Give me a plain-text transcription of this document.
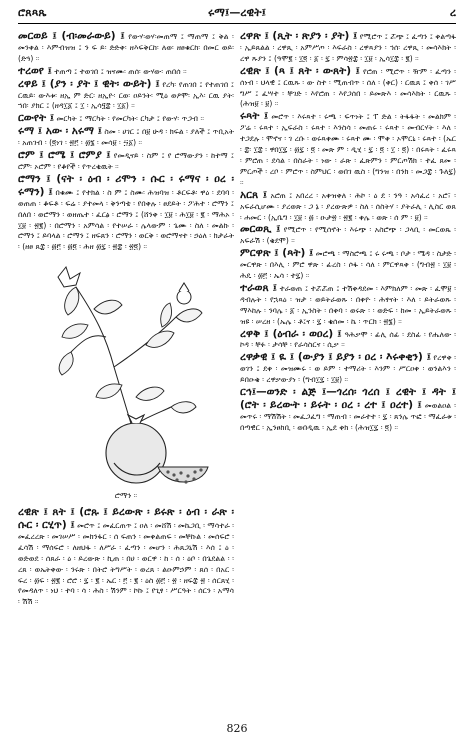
ሮጸጻጼ	ሩማ፤—ረዊት፤	ረ

መርወይ ፤ (ብ፡መራውይ) ፤ የውሃ፡ወሃ፡መጠማ ፤ ማጠማ ፤ ቅል ፡ መንቀል ፡ እምብዝዝ ፤ ን ፍ ይ፡ ድድቀ፡ ዘእፍቅርከ፡ ለወ፡ ዘፀቁርከ፡ በመር ወይ፡ (ድጓ) ።

ተረወየ ፤ ተጠጣ ፤ ተወገበ ፤ ዝናሙ፡ ጠሰ፡ ውሃው፡ ጠበሰ ።

ረዋይ ፤ (ያን ፡ ያት ፤ ዊት፡ ውይት) ፤ የረካ፡ የጠገበ ፤ የተጠገበ ፤ ርዉይ፡ ውእቱ፡ ዘኢ ም ድር፡ ዘኢዮ፡ ርወ፡ ዐይንት፡ ሚዕ ወዖሞ፡ ኢእ፡ ርዉ ያት፡ ኀበ፡ ያክር ፤ (ዘዳ፲፩ ፤ ፲ ፡ ኢሳ፶፰ ፡ ፲፩) ።

ርውየት ፤ መርካት ፤ ማርካት ፡ የመርካት፡ ርካታ ፤ የውሃ፡ ጥጋብ ።

ሩማ ፤ አው ፡ አሩማ ፤ ስመ ፡ ሀገር ፤ በ፱ ሁዳ ፡ ክፍል ፡ ያለች ፤ ጥቢአት ፡ አጠገብ ፡ (፬ነገ ፡ ፳፫ ፡ ፴፮ ፡ መሳ፱ ፡ ፵፩) ።

ሮም ፤ ሮሜ ፤ ሮምያ ፤ የመዲናይ ፡ ስም ፤ የ ሮማውያን ፡ ከተማ ፤ ሮም፡ ኦሮም ፡ የቆየች ፡ የጥረቂዉት ።

ሮማን ፤ (ናት ፡ ዕብ ፡ ሪሞን ፡ ሱር ፡ ሩማና ፡ ዐረ ፡ ሩማን) ፤ በቁሙ ፤ የተክል ፡ ስ ም ፤ ስሙ፡ ሕዝባዝ ፡ ቶርፍቶ፡ ዋዕ ፡ ደባባ ፡ ወጠጠ ፡ ቆፍቶ ፡ ፍሬ ፡ ያተመላ ፡ ቅንጣቴ ፡ የበቀሉ ፡ ፀደይት ፡ ፖሕተ ፡ ሮማን ፤ በለበ ፡ ወሮማን ፡ ወዘጤተ ፡ ፈርፅ ፡ ሮማን ፤ (ሸንቀ ፡ ፲፱ ፡ ሕ፲፱ ፡ ፪ ፡ ማሕኦ ፡ ፲፱ ፡ ፳፪) ፡ በሮማን ፡ አምሳል ፡ የተሠራ ፡ ሌላውም ፡ ጌሙ ፡ ስለ ፡ መልኩ ፡ ሮማን ፤ ይባላል ፡ ሮማን ፤ ዘፍጸን ፡ ሮማን ፡ ወርቅ ፡ ወሮማናተ ፡ ኃዕለ ፡ ክታራት ፡ (ዘፀ ጸ፰ ፡ ፴፫ ፡ ፴፬ ፡ ሕዘ ፴፯ ፡ ፳፰ ፡ ፳፬) ።

ሮማን ።

ረዊጽ ፤ ጸት ፤ (ሮጹ ፤ ይረውጽ ፡ ይሩጽ ፡ ዕብ ፡ ራጽ ፡ ሱር ፡ ርሂጥ) ፤ መሮጥ ፤ መፈርጠጥ ፤ ዐለ ፡ መሸሽ ፡ መኬጋቢ ፡ ማሳተራ ፡ መፈረረጽ ፡ መገሠሥ ፡ መከንፋር ፡ ሰ ፍጠን ፡ መቀልጠፍ ፡ መቸኩል ፡ መሰፍሮ ፡ ፈሳሽ ፡ ማሰፍሮ ፡ ለዘህፋ ፡ ለሥራ ፡ ፈጣን ፡ መሆን ፡ ሕጸጋኒሽ ፡ እሰ ፤ ዕ ፡ ወድወደ ፡ ሰጸራ ፡ ዕ ፡ ይረውጽ ፡ ኪጠ ፡ በሀ ፡ ወርዋ ፡ ከ ፡ ሰ ፡ ዕቦ ፡ በጌደልል ፡ ፡ ረጸ ፡ ወኤትቀው ፡ ንሩጽ ፡ በትሮ ትግሥት ፡ ወረጸ ፡ ልዑምኃም ፡ ጸሰ ፡ በአር ፡ ፍረ ፡ ፴ፍ ፡ ፳፪ ፡ ሮሮ ፡ ፯ ፡ ፪ ፡ ኤር ፡ ፫ ፡ ፪ ፡ ዕስ ፴፫ ፡ ፳ ፡ ዘፍ፰ ፳ ፡ ሰርጸሂ ፡ የመዳለጥ ፡ ነህ ፡ ተባ ፡ ሳ ፡ ሕስ ፡ ሽንም ፡ ኮኩ ፤ የጊፃ ፡ ሥርዓት ፡ ሰርን ፡ አማሳ ፡ ሽሽ ።

ረዋጽ ፤ (ጺት ፡ ጽያን ፡ ያት) ፤ የሚሮጥ ፤ ሯጭ ፤ ፈጣን ፤ ቀልጣፋ ፡ ኢይጸልል ፡ ረዋጺ ፡ አምሥጦ ፡ እፍራስ ፡ ረዋጻያን ፡ ኅሰ፡ ረዋጺ ፡ መሳእክት ፡ ረዋ ጹያን ፤ (ዓሞ፪ ፡ ፲፬ ፡ ፩ ፡ ፯ ፡ ምሳ፳፰ ፡ ፲፱ ፡ ኢሳ፲፰ ፡ ፪) ።

ረዊጽ ፤ (ጻ ፤ ጸት ፡ ውጸት) ፤ የሮጠ ፡ ሚሮጥ ፡ ዥም ፡ ፈጣን ፡ ሰነብ ፡ ህላዊ ፤ ርዉጹ ፡ ው ስተ ፡ ሚጠብጥ ፡ ሰለ ፡ (ቀር) ፡ ርዉጸ ፤ ቀሰ ፡ ገሥ ግሥ ፤ ፈሣተ ፡ ቸገድ ፡ እየሮጠ ፡ እየጋሰበ ፡ ይመጽእ ፡ መሳእክት ፡ ርዉጹ ፡ (ሕዝ፱ ፡ ፱) ።

ሩጻት ፤ መሮጥ ፡ እሩጻተ ፡ ሩጫ ፡ ፍጥነት ፤ ፐ ድል ፡ ትፋፋት ፡ መልክም ፡ ፖሬ ፡ ሩጻተ ፡ ኢፍራስ ፡ ሩጻተ ፡ እንስሳ ፡ መጠሩ ፡ ሩጻተ ፡ መብርሃት ፡ እለ ፡ ተጋደሉ ፡ ሞኖና ፡ ገ ረቡ ፡ ወሩጻቀሙ ፡ ሩጻተ ሙ ፡ ሞቀ ፡ ኦሞርኒ ፡ ሩጻተ ፡ (ኤር ፡ ፰፡ ፲፰ ፡ ዋበ፲፯ ፡ ፴፯ ፡ ፬ ፡ መጽ ም ፡ ዲሂ ፡ ፯ ፡ ፬ ፡ ፲ ፡ ፬) ፡ በሩጻት ፡ ፈሩጻ ፡ ምሮጠ ፡ ደሳል ፡ በስራት ፡ ነው ፡ ራጽ ፡ ፈጽምን ፡ ምርጦሽክ ፡ ተፈ ጸመ ፡ ምርጦች ፡ ረቦ ፡ ምሮጥ ፡ ስምህር ፡ ወበገ ዉስ ፡ (ግንዝ ፡ በንክ ፡ መጋ፰ ፡ ጉለ፯) ።

አርጸ ፤ አሮጠ ፤ አበረረ ፡ አቀዝቀለ ፡ ሕኮ ፡ ዕ ደ ፡ ንዓ ፡ አሳፈረ ፡ አሮ፣ ፡ አፍራሲሆሙ ፡ ያረወጽ ፡ ጋ ኔ ፡ ያረውጽዎ ፡ ስለ ፡ ሰስትሃ ፡ ያትራሊ ፡ ሊስር ወጸ ፡ ሐመር ፡ (ኢቤግ ፡ ፲፱ ፡ ፴ ፡ ዑታ፳ ፡ ፳፪ ፡ ቀሌ ፡ ወጽ ፡ ሰ ም ፡ ፱) ።

መርወጺ ፤ የሚሮጥ ፡ የሚሰኖት ፡ እሩጭ ፡ አስሮጭ ፡ ጋላቢ ፡ መርወጼ ፡ አፍራሽ ፡ (ቄደሞ) ።

ምርዋጽ ፤ (ጻት) ፤ መሮጫ ፡ ማስሮጫ ፤ ሩ ሩጫ ፡ ቦታ ፡ ሜዳ ፡ ስታድ ፡ መርዋጽ ፡ በእሊ ፡ ምሮ ዋጽ ፡ ፊረስ ፡ ሶፋ ፡ ሳለ ፡ ምርዋጻቀ ፡ (ግብ፳ ፡ ፲፱ ፡ ሕዴ ፡ ፴፫ ፡ ኤሳ ፡ ተ፯) ።

ተራወጸ ፤ ተራወጠ ፤ ተሯሯጠ ፤ ተሽቀዳደመ ፡ እምክለም ፡ መጽ ፡ ፈሞ፱ ፡ ዳብሉት ፡ የኋጻዕ ፡ ዝታ ፡ ወይትራወጹ ፡ በቀዮ ፡ ሕፃናት ፡ እለ ፡ ይትራወጹ ፡ ማእከሉ ፡ ንባሌ ፡ ፩ ፡ ኢንስት ፡ በቀባ ፡ ወሩጽ ፡ ፡ ወድፍ ፡ ከመ ፡ ኢይትራወጹ ፡ ዝዩ ፡ ሠረዘ ፡ (ኤሌ ፡ ቶ፤ና ፡ ፯ ፡ ቄሰመ ፡ ኬ ፡ ጥርክ ፡ ፳፮) ።

ረዋቅ ፤ (ዕብራ ፡ ወዐረ) ፤ ዓሕቃሞ ፡ ፊሊ ሰፊ ፡ ደስፊ ፡ የሔለው ፡ ኮዳ ፡ ቸፉ ፡ ታሳቸ ፡ የራሳስርና ፡ ሲቃ ።

ረዋቃዊ ፤ ዪ ፤ (ውያን ፤ ይያን ፡ ዐረ ፡ እሩቀቂን) ፤ የረዋቀ ፡ ወገን ፤ ደቀ ፡ መዝሙሩ ፡ ወ ይም ፡ ተማሪት ፡ እንም ፡ ሥርዐቀ ፡ ወንልእን ፡ ይበዑቄ ፡ ረዋቃውያነ ፡ (ግብ፲፯ ፡ ፲፱) ።

ርኅ፤—ወንድ ፡ ልጅ ፤—ጎረሰ፡ ጎረሰ ፤ ረዊት ፤ ዳት ፤ (ሮት ፡ ይረውት ፡ ይሩት ፡ ዐረ ፡ ረተ ፤ ዐረተ) ፤ መወልዐል ፡ መጥሩ ፡ ማሽሽት ፡ መፈጋፈግ ፡ ማጠብ ፡ መራተተ ፡ ፯ ፡ ጸንሌ ጥፎ ፡ ማፈራቱ ፡ በጣዊር ፡ ኢንፀከቢ ፡ ወበዲዉ ፡ ኢደ ቀክ ፡ (ሕዝ፲፯ ፡ ፬) ።

826
